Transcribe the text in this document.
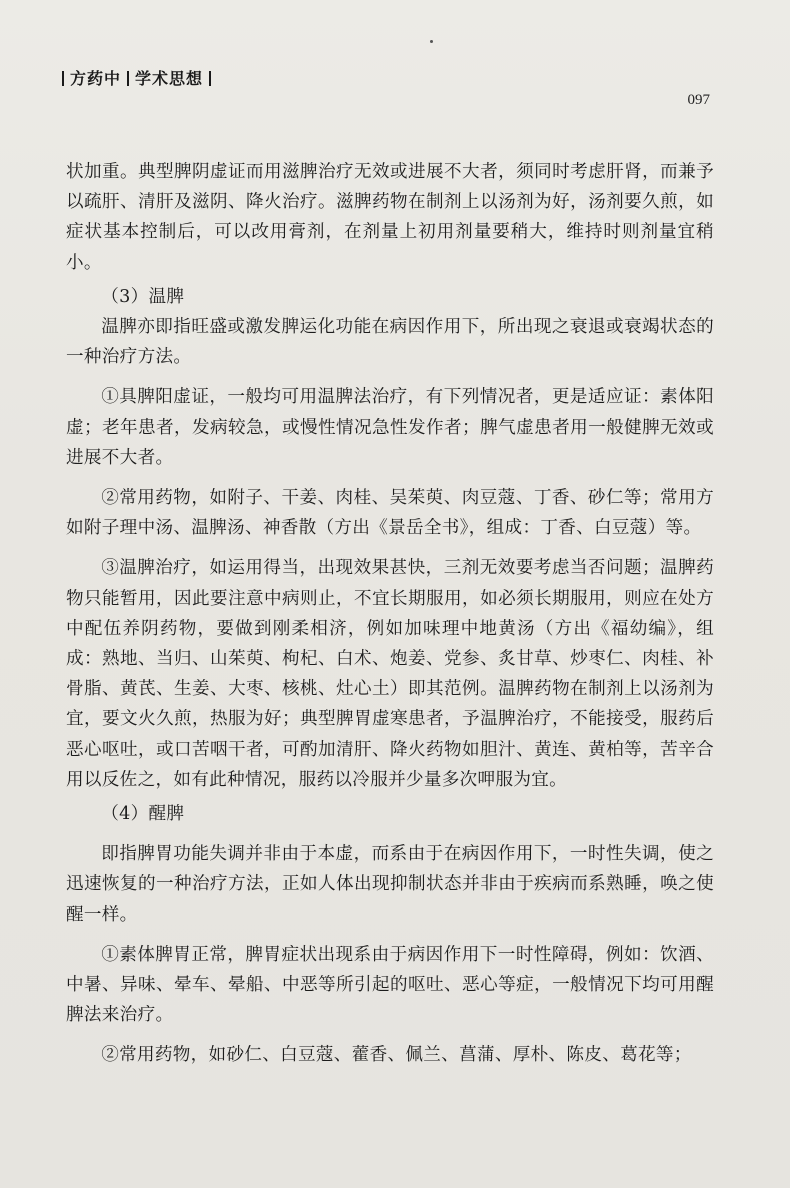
方药中 学术思想
097

状加重。典型脾阴虚证而用滋脾治疗无效或进展不大者，须同时考虑肝肾，而兼予以疏肝、清肝及滋阴、降火治疗。滋脾药物在制剂上以汤剂为好，汤剂要久煎，如症状基本控制后，可以改用膏剂，在剂量上初用剂量要稍大，维持时则剂量宜稍小。

（3）温脾

温脾亦即指旺盛或激发脾运化功能在病因作用下，所出现之衰退或衰竭状态的一种治疗方法。

①具脾阳虚证，一般均可用温脾法治疗，有下列情况者，更是适应证：素体阳虚；老年患者，发病较急，或慢性情况急性发作者；脾气虚患者用一般健脾无效或进展不大者。

②常用药物，如附子、干姜、肉桂、吴茱萸、肉豆蔻、丁香、砂仁等；常用方如附子理中汤、温脾汤、神香散（方出《景岳全书》，组成：丁香、白豆蔻）等。

③温脾治疗，如运用得当，出现效果甚快，三剂无效要考虑当否问题；温脾药物只能暂用，因此要注意中病则止，不宜长期服用，如必须长期服用，则应在处方中配伍养阴药物，要做到刚柔相济，例如加味理中地黄汤（方出《福幼编》，组成：熟地、当归、山茱萸、枸杞、白术、炮姜、党参、炙甘草、炒枣仁、肉桂、补骨脂、黄芪、生姜、大枣、核桃、灶心土）即其范例。温脾药物在制剂上以汤剂为宜，要文火久煎，热服为好；典型脾胃虚寒患者，予温脾治疗，不能接受，服药后恶心呕吐，或口苦咽干者，可酌加清肝、降火药物如胆汁、黄连、黄柏等，苦辛合用以反佐之，如有此种情况，服药以冷服并少量多次呷服为宜。

（4）醒脾

即指脾胃功能失调并非由于本虚，而系由于在病因作用下，一时性失调，使之迅速恢复的一种治疗方法，正如人体出现抑制状态并非由于疾病而系熟睡，唤之使醒一样。

①素体脾胃正常，脾胃症状出现系由于病因作用下一时性障碍，例如：饮酒、中暑、异味、晕车、晕船、中恶等所引起的呕吐、恶心等症，一般情况下均可用醒脾法来治疗。

②常用药物，如砂仁、白豆蔻、藿香、佩兰、菖蒲、厚朴、陈皮、葛花等；
